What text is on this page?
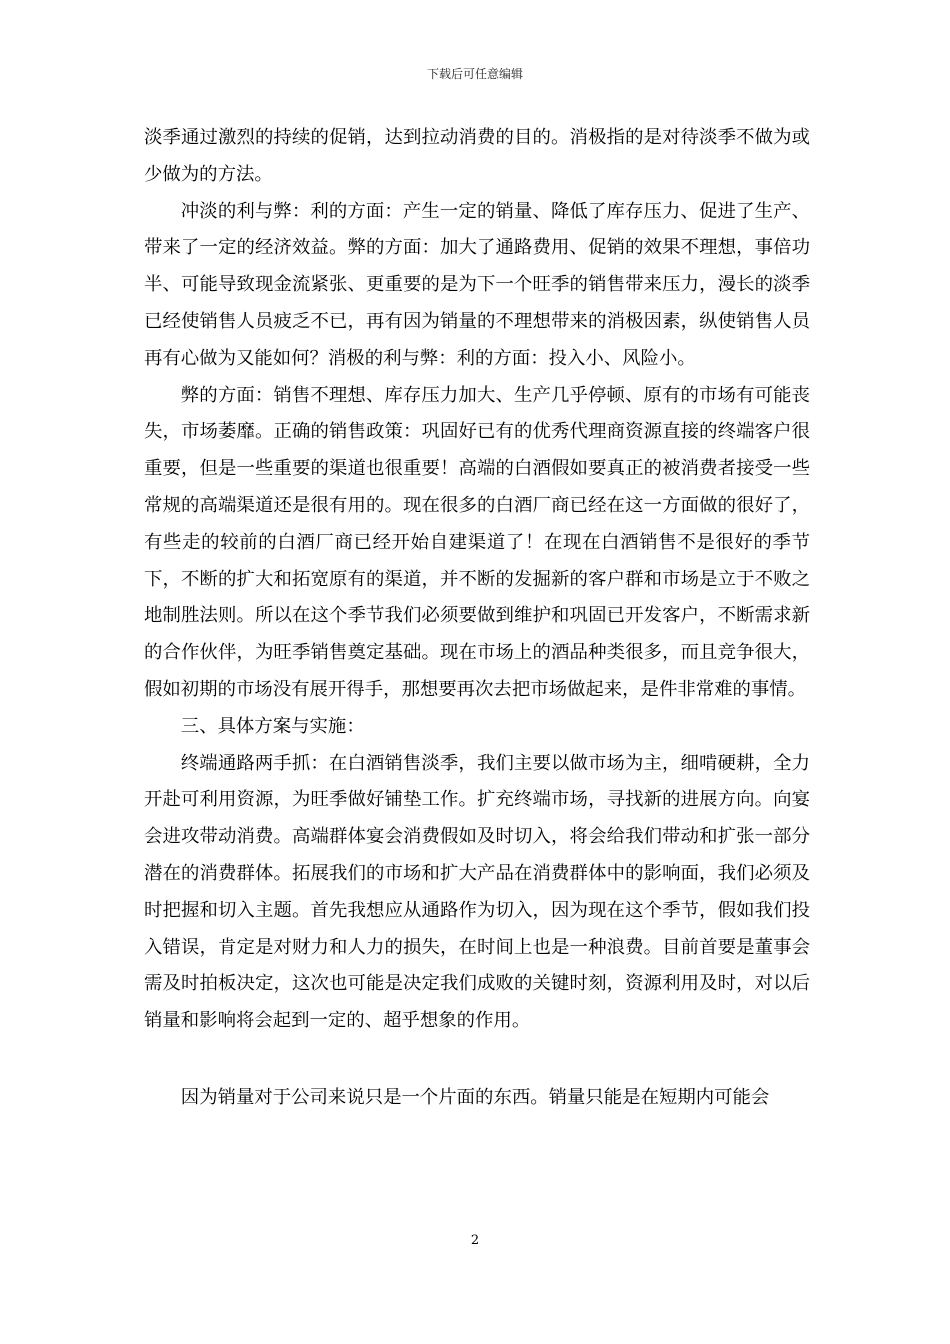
下载后可任意编辑

淡季通过激烈的持续的促销，达到拉动消费的目的。消极指的是对待淡季不做为或少做为的方法。

冲淡的利与弊：利的方面：产生一定的销量、降低了库存压力、促进了生产、带来了一定的经济效益。弊的方面：加大了通路费用、促销的效果不理想，事倍功半、可能导致现金流紧张、更重要的是为下一个旺季的销售带来压力，漫长的淡季已经使销售人员疲乏不已，再有因为销量的不理想带来的消极因素，纵使销售人员再有心做为又能如何？消极的利与弊：利的方面：投入小、风险小。

弊的方面：销售不理想、库存压力加大、生产几乎停顿、原有的市场有可能丧失，市场萎靡。正确的销售政策：巩固好已有的优秀代理商资源直接的终端客户很重要，但是一些重要的渠道也很重要！高端的白酒假如要真正的被消费者接受一些常规的高端渠道还是很有用的。现在很多的白酒厂商已经在这一方面做的很好了，有些走的较前的白酒厂商已经开始自建渠道了！在现在白酒销售不是很好的季节下，不断的扩大和拓宽原有的渠道，并不断的发掘新的客户群和市场是立于不败之地制胜法则。所以在这个季节我们必须要做到维护和巩固已开发客户，不断需求新的合作伙伴，为旺季销售奠定基础。现在市场上的酒品种类很多，而且竞争很大，假如初期的市场没有展开得手，那想要再次去把市场做起来，是件非常难的事情。

三、具体方案与实施：

终端通路两手抓：在白酒销售淡季，我们主要以做市场为主，细啃硬耕，全力开赴可利用资源，为旺季做好铺垫工作。扩充终端市场，寻找新的进展方向。向宴会进攻带动消费。高端群体宴会消费假如及时切入，将会给我们带动和扩张一部分潜在的消费群体。拓展我们的市场和扩大产品在消费群体中的影响面，我们必须及时把握和切入主题。首先我想应从通路作为切入，因为现在这个季节，假如我们投入错误，肯定是对财力和人力的损失，在时间上也是一种浪费。目前首要是董事会需及时拍板决定，这次也可能是决定我们成败的关键时刻，资源利用及时，对以后销量和影响将会起到一定的、超乎想象的作用。

因为销量对于公司来说只是一个片面的东西。销量只能是在短期内可能会

2
